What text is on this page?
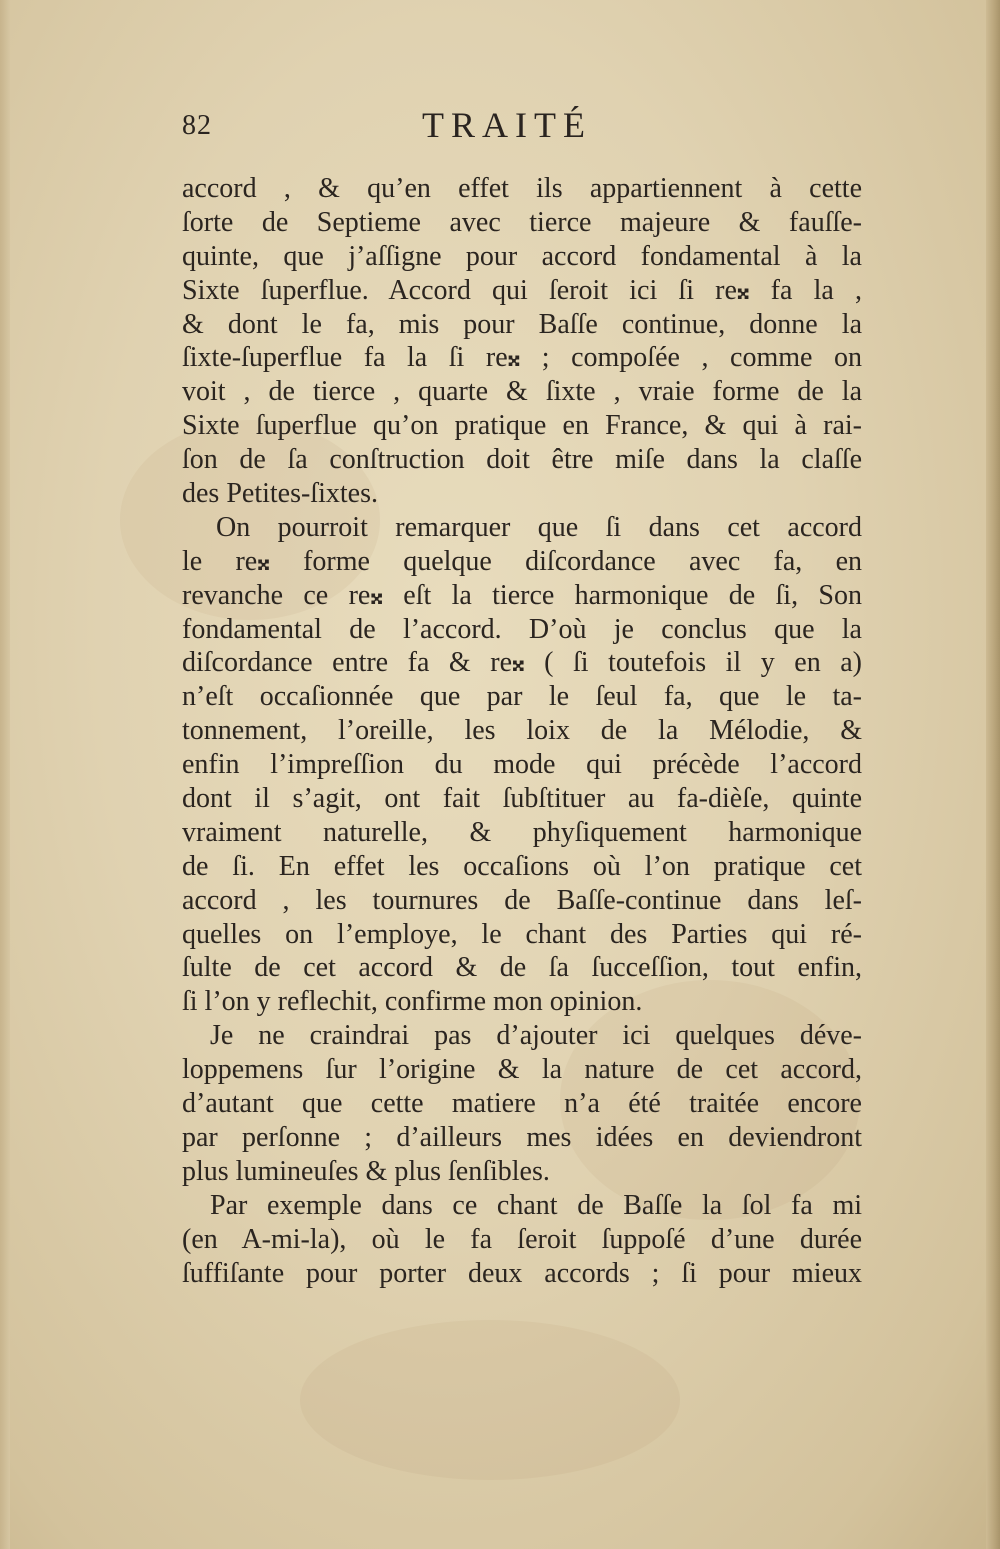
82	TRAITÉ
accord , & qu’en effet ils appartiennent à cette
ſorte de Septieme avec tierce majeure & fauſſe-
quinte, que j’aſſigne pour accord fondamental à la
Sixte ſuperflue. Accord qui ſeroit ici ſi re𝄪 fa la ,
& dont le fa, mis pour Baſſe continue, donne la
ſixte-ſuperflue fa la ſi re𝄪 ; compoſée , comme on
voit , de tierce , quarte & ſixte , vraie forme de la
Sixte ſuperflue qu’on pratique en France, & qui à rai-
ſon de ſa conſtruction doit être miſe dans la claſſe
des Petites-ſixtes.
On pourroit remarquer que ſi dans cet accord
le re𝄪 forme quelque diſcordance avec fa, en
revanche ce re𝄪 eſt la tierce harmonique de ſi, Son
fondamental de l’accord. D’où je conclus que la
diſcordance entre fa & re𝄪 ( ſi toutefois il y en a)
n’eſt occaſionnée que par le ſeul fa, que le ta-
tonnement, l’oreille, les loix de la Mélodie, &
enfin l’impreſſion du mode qui précède l’accord
dont il s’agit, ont fait ſubſtituer au fa-dièſe, quinte
vraiment naturelle, & phyſiquement harmonique
de ſi. En effet les occaſions où l’on pratique cet
accord , les tournures de Baſſe-continue dans leſ-
quelles on l’employe, le chant des Parties qui ré-
ſulte de cet accord & de ſa ſucceſſion, tout enfin,
ſi l’on y reflechit, confirme mon opinion.
Je ne craindrai pas d’ajouter ici quelques déve-
loppemens ſur l’origine & la nature de cet accord,
d’autant que cette matiere n’a été traitée encore
par perſonne ; d’ailleurs mes idées en deviendront
plus lumineuſes & plus ſenſibles.
Par exemple dans ce chant de Baſſe la ſol fa mi
(en A-mi-la), où le fa ſeroit ſuppoſé d’une durée
ſuffiſante pour porter deux accords ; ſi pour mieux
